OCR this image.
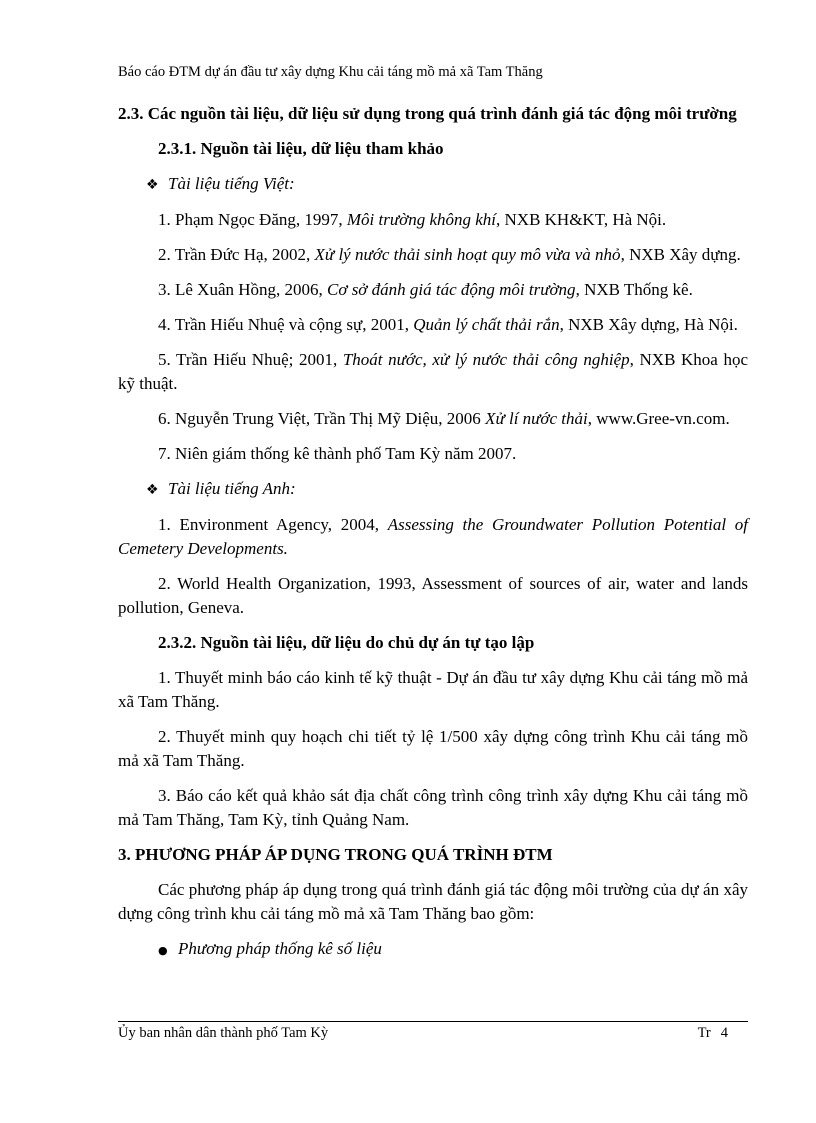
Báo cáo ĐTM dự án đầu tư xây dựng Khu cải táng mồ mả xã Tam Thăng

2.3. Các nguồn tài liệu, dữ liệu sử dụng trong quá trình đánh giá tác động môi trường

2.3.1. Nguồn tài liệu, dữ liệu tham khảo

❖ Tài liệu tiếng Việt:

1. Phạm Ngọc Đăng, 1997, Môi trường không khí, NXB KH&KT, Hà Nội.

2. Trần Đức Hạ, 2002, Xử lý nước thải sinh hoạt quy mô vừa và nhỏ, NXB Xây dựng.

3. Lê Xuân Hồng, 2006, Cơ sở đánh giá tác động môi trường, NXB Thống kê.

4. Trần Hiếu Nhuệ và cộng sự, 2001, Quản lý chất thải rắn, NXB Xây dựng, Hà Nội.

5. Trần Hiếu Nhuệ; 2001, Thoát nước, xử lý nước thải công nghiệp, NXB Khoa học kỹ thuật.

6. Nguyễn Trung Việt, Trần Thị Mỹ Diệu, 2006 Xử lí nước thải, www.Gree-vn.com.

7. Niên giám thống kê thành phố Tam Kỳ năm 2007.

❖ Tài liệu tiếng Anh:

1. Environment Agency, 2004, Assessing the Groundwater Pollution Potential of Cemetery Developments.

2. World Health Organization, 1993, Assessment of sources of air, water and lands pollution, Geneva.

2.3.2. Nguồn tài liệu, dữ liệu do chủ dự án tự tạo lập

1. Thuyết minh báo cáo kinh tế kỹ thuật - Dự án đầu tư xây dựng Khu cải táng mồ mả xã Tam Thăng.

2. Thuyết minh quy hoạch chi tiết tỷ lệ 1/500 xây dựng công trình Khu cải táng mồ mả xã Tam Thăng.

3. Báo cáo kết quả khảo sát địa chất công trình công trình xây dựng Khu cải táng mồ mả Tam Thăng, Tam Kỳ, tỉnh Quảng Nam.

3. PHƯƠNG PHÁP ÁP DỤNG TRONG QUÁ TRÌNH ĐTM

Các phương pháp áp dụng trong quá trình đánh giá tác động môi trường của dự án xây dựng công trình khu cải táng mồ mả xã Tam Thăng bao gồm:

● Phương pháp thống kê số liệu

Ủy ban nhân dân thành phố Tam Kỳ	Tr 4
